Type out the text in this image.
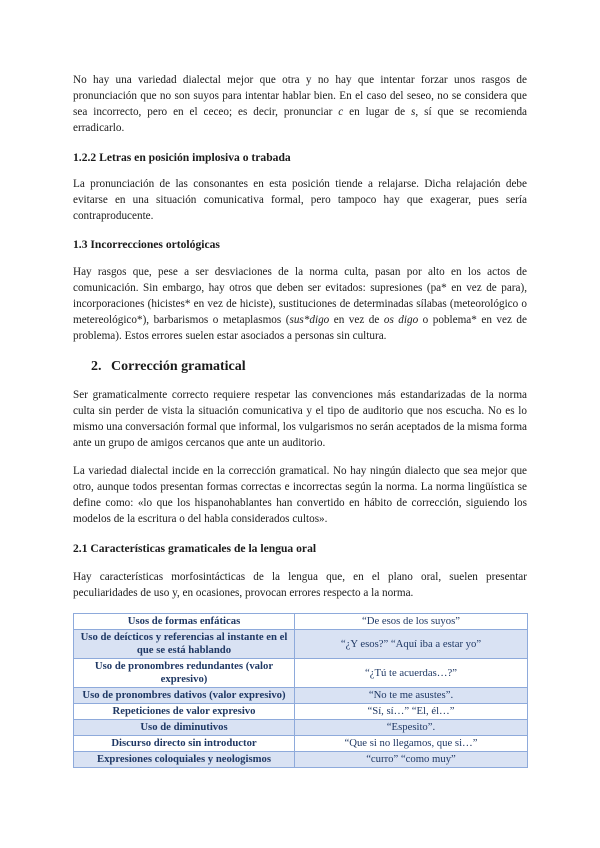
No hay una variedad dialectal mejor que otra y no hay que intentar forzar unos rasgos de pronunciación que no son suyos para intentar hablar bien. En el caso del seseo, no se considera que sea incorrecto, pero en el ceceo; es decir, pronunciar c en lugar de s, sí que se recomienda erradicarlo.
1.2.2 Letras en posición implosiva o trabada
La pronunciación de las consonantes en esta posición tiende a relajarse. Dicha relajación debe evitarse en una situación comunicativa formal, pero tampoco hay que exagerar, pues sería contraproducente.
1.3 Incorrecciones ortológicas
Hay rasgos que, pese a ser desviaciones de la norma culta, pasan por alto en los actos de comunicación. Sin embargo, hay otros que deben ser evitados: supresiones (pa* en vez de para), incorporaciones (hicistes* en vez de hiciste), sustituciones de determinadas sílabas (meteorológico o metereológico*), barbarismos o metaplasmos (sus*digo en vez de os digo o poblema* en vez de problema). Estos errores suelen estar asociados a personas sin cultura.
2. Corrección gramatical
Ser gramaticalmente correcto requiere respetar las convenciones más estandarizadas de la norma culta sin perder de vista la situación comunicativa y el tipo de auditorio que nos escucha. No es lo mismo una conversación formal que informal, los vulgarismos no serán aceptados de la misma forma ante un grupo de amigos cercanos que ante un auditorio.
La variedad dialectal incide en la corrección gramatical. No hay ningún dialecto que sea mejor que otro, aunque todos presentan formas correctas e incorrectas según la norma. La norma lingüística se define como: «lo que los hispanohablantes han convertido en hábito de corrección, siguiendo los modelos de la escritura o del habla considerados cultos».
2.1 Características gramaticales de la lengua oral
Hay características morfosintácticas de la lengua que, en el plano oral, suelen presentar peculiaridades de uso y, en ocasiones, provocan errores respecto a la norma.
Usos de formas enfáticas	“De esos de los suyos”
Uso de deícticos y referencias al instante en el que se está hablando	“¿Y esos?” “Aquí iba a estar yo”
Uso de pronombres redundantes (valor expresivo)	“¿Tú te acuerdas…?”
Uso de pronombres dativos (valor expresivo)	“No te me asustes”.
Repeticiones de valor expresivo	“Sí, sí…” “El, él…”
Uso de diminutivos	“Espesito”.
Discurso directo sin introductor	“Que si no llegamos, que si…”
Expresiones coloquiales y neologismos	“curro” “como muy”
